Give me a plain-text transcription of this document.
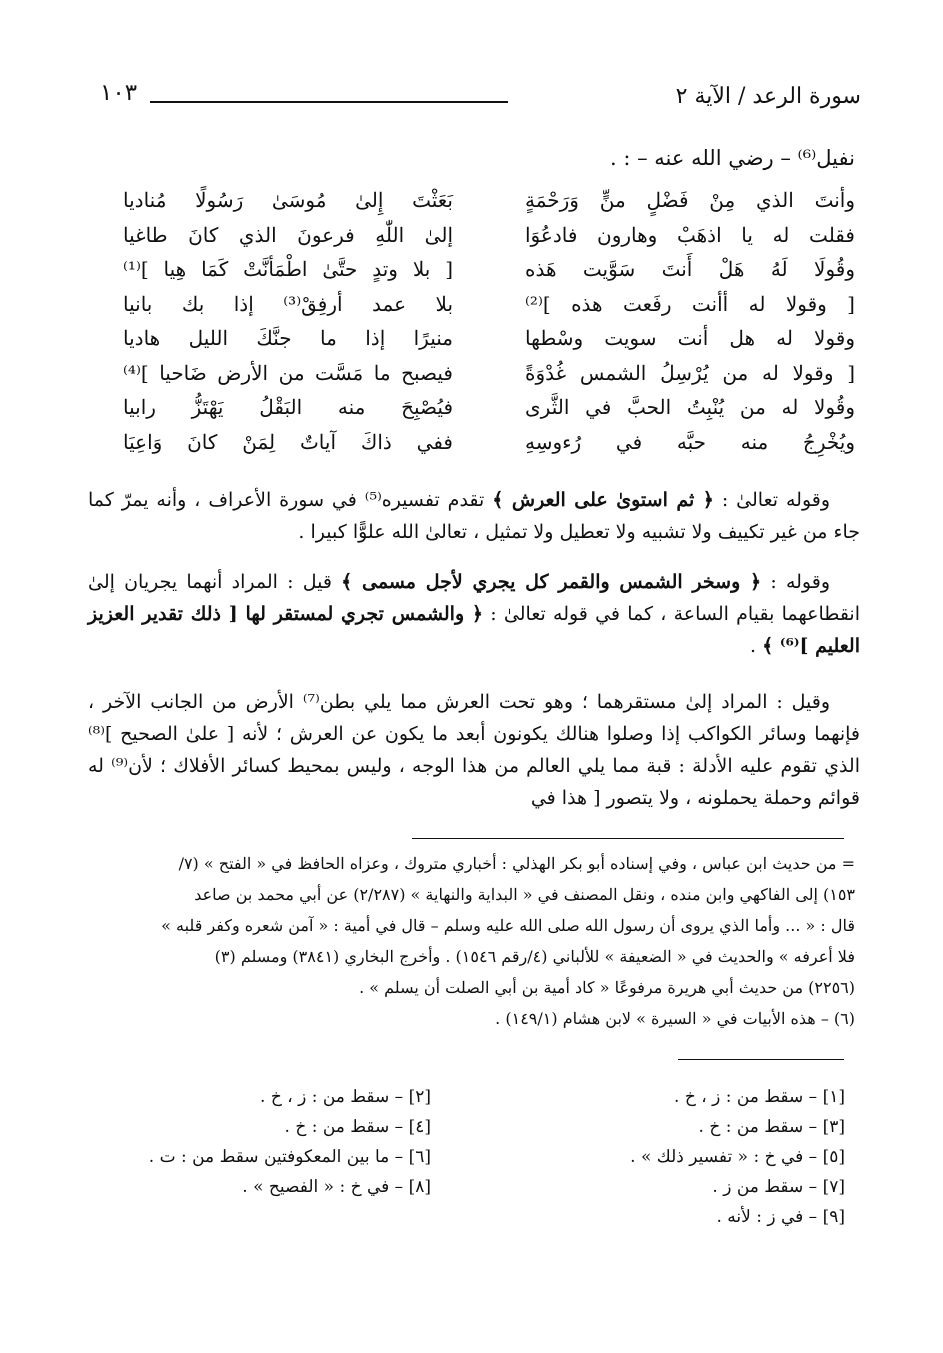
سورة الرعد / الآية ٢
١٠٣
نفيل⁽⁶⁾ – رضي الله عنه – : .
وأنتَ الذي مِنْ فَضْلٍ منٍّ وَرَحْمَةٍ
فقلت له يا اذهَبْ وهارون فادعُوَا
وقُولَا لَهُ هَلْ أَنتَ سَوَّيت هَذه
[ وقولا له أأنت رفَعت هذه ]⁽²⁾
وقولا له هل أنت سويت وسْطها
[ وقولا له من يُرْسِلُ الشمس غُدْوَةً
وقُولا له من يُنْبِتُ الحبَّ في الثَّرى
ويُخْرِجُ منه حبَّه في رُءوسِهِ
بَعَثْتَ إِلىٰ مُوسَىٰ رَسُولًا مُناديا
إلىٰ اللّٰهِ فرعونَ الذي كانَ طاغيا
[ بلا وتدٍ حتَّىٰ اطْمَأنَّتْ كَمَا هِيا ]⁽¹⁾
بلا عمد أرفِقْ⁽³⁾ إذا بك بانيا
منيرًا إذا ما جنَّكَ الليل هاديا
فيصبح ما مَسَّت من الأرض ضَاحيا ]⁽⁴⁾
فيُصْبِحَ منه البَقْلُ يَهْتَزُّ رابيا
ففي ذاكَ آياتٌ لِمَنْ كانَ وَاعِيَا

وقوله تعالىٰ : ﴿ ثم استوىٰ على العرش ﴾ تقدم تفسيره⁽⁵⁾ في سورة الأعراف ، وأنه يمرّ كما جاء من غير تكييف ولا تشبيه ولا تعطيل ولا تمثيل ، تعالىٰ الله علوًّا كبيرا .

وقوله : ﴿ وسخر الشمس والقمر كل يجري لأجل مسمى ﴾ قيل : المراد أنهما يجريان إلىٰ انقطاعهما بقيام الساعة ، كما في قوله تعالىٰ : ﴿ والشمس تجري لمستقر لها [ ذلك تقدير العزيز العليم ]⁽⁶⁾ ﴾ .

وقيل : المراد إلىٰ مستقرهما ؛ وهو تحت العرش مما يلي بطن⁽⁷⁾ الأرض من الجانب الآخر ، فإنهما وسائر الكواكب إذا وصلوا هنالك يكونون أبعد ما يكون عن العرش ؛ لأنه [ علىٰ الصحيح ]⁽⁸⁾ الذي تقوم عليه الأدلة : قبة مما يلي العالم من هذا الوجه ، وليس بمحيط كسائر الأفلاك ؛ لأن⁽⁹⁾ له قوائم وحملة يحملونه ، ولا يتصور [ هذا في

= من حديث ابن عباس ، وفي إسناده أبو بكر الهذلي : أخباري متروك ، وعزاه الحافظ في « الفتح » (٧/
١٥٣) إلى الفاكهي وابن منده ، ونقل المصنف في « البداية والنهاية » (٢/٢٨٧) عن أبي محمد بن صاعد
قال : « ... وأما الذي يروى أن رسول الله صلى الله عليه وسلم – قال في أمية : « آمن شعره وكفر قلبه »
فلا أعرفه » والحديث في « الضعيفة » للألباني (٤/رقم ١٥٤٦) . وأخرج البخاري (٣٨٤١) ومسلم (٣)
(٢٢٥٦) من حديث أبي هريرة مرفوعًا « كاد أمية بن أبي الصلت أن يسلم » .
(٦) – هذه الأبيات في « السيرة » لابن هشام (١٤٩/١) .
[١] – سقط من : ز ، خ .
[٣] – سقط من : خ .
[٥] – في خ : « تفسير ذلك » .
[٧] – سقط من ز .
[٩] – في ز : لأنه .
[٢] – سقط من : ز ، خ .
[٤] – سقط من : خ .
[٦] – ما بين المعكوفتين سقط من : ت .
[٨] – في خ : « الفصيح » .
